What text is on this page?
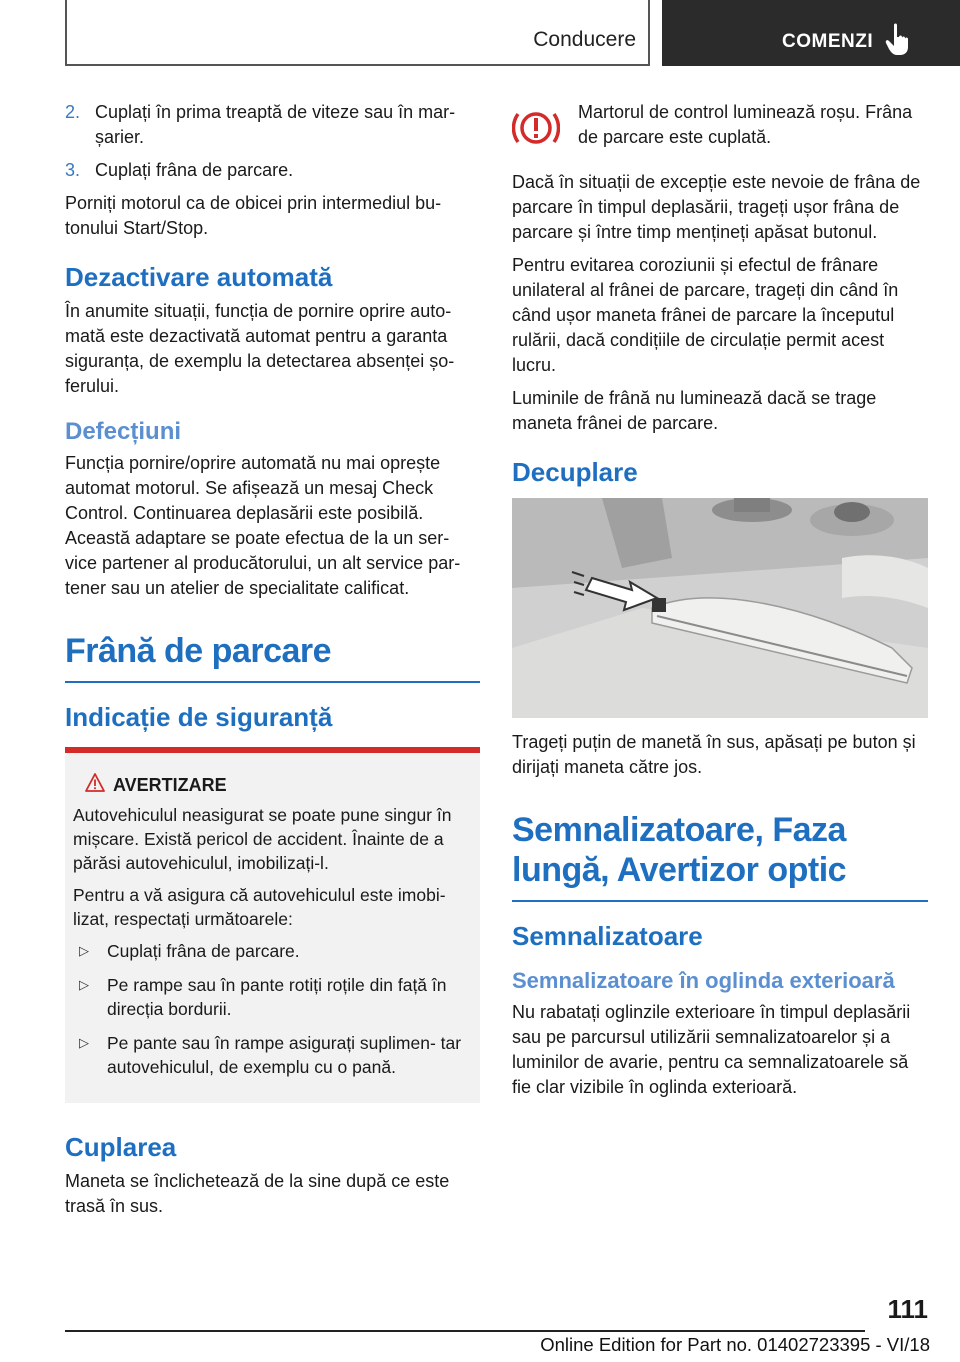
Conducere	COMENZI
2. Cuplați în prima treaptă de viteze sau în mar‐ șarier.
3. Cuplați frâna de parcare.

Porniți motorul ca de obicei prin intermediul bu‐ tonului Start/Stop.

Dezactivare automată

În anumite situații, funcția de pornire oprire auto‐ mată este dezactivată automat pentru a garanta siguranța, de exemplu la detectarea absenței șo‐ ferului.

Defecțiuni

Funcția pornire/oprire automată nu mai oprește automat motorul. Se afișează un mesaj Check Control. Continuarea deplasării este posibilă. Această adaptare se poate efectua de la un ser‐ vice partener al producătorului, un alt service par‐ tener sau un atelier de specialitate calificat.

Frână de parcare
Indicație de siguranță
AVERTIZARE

Autovehiculul neasigurat se poate pune singur în mișcare. Există pericol de accident. Înainte de a părăsi autovehiculul, imobilizați-l.

Pentru a vă asigura că autovehiculul este imobi‐ lizat, respectați următoarele:

▷ Cuplați frâna de parcare.
▷ Pe rampe sau în pante rotiți roțile din față în direcția bordurii.
▷ Pe pante sau în rampe asigurați suplimen‐ tar autovehiculul, de exemplu cu o pană.
Cuplarea

Maneta se înclichetează de la sine după ce este trasă în sus.

Martorul de control luminează roșu. Frâna de parcare este cuplată.

Dacă în situații de excepție este nevoie de frâna de parcare în timpul deplasării, trageți ușor frâna de parcare și între timp mențineți apăsat butonul.

Pentru evitarea coroziunii și efectul de frânare unilateral al frânei de parcare, trageți din când în când ușor maneta frânei de parcare la începutul rulării, dacă condițiile de circulație permit acest lucru.

Luminile de frână nu luminează dacă se trage maneta frânei de parcare.

Decuplare

Trageți puțin de manetă în sus, apăsați pe buton și dirijați maneta către jos.

Semnalizatoare, Faza lungă, Avertizor optic
Semnalizatoare
Semnalizatoare în oglinda exterioară

Nu rabatați oglinzile exterioare în timpul deplasării sau pe parcursul utilizării semnalizatoarelor și a luminilor de avarie, pentru ca semnalizatoarele să fie clar vizibile în oglinda exterioară.

111
Online Edition for Part no. 01402723395 - VI/18
